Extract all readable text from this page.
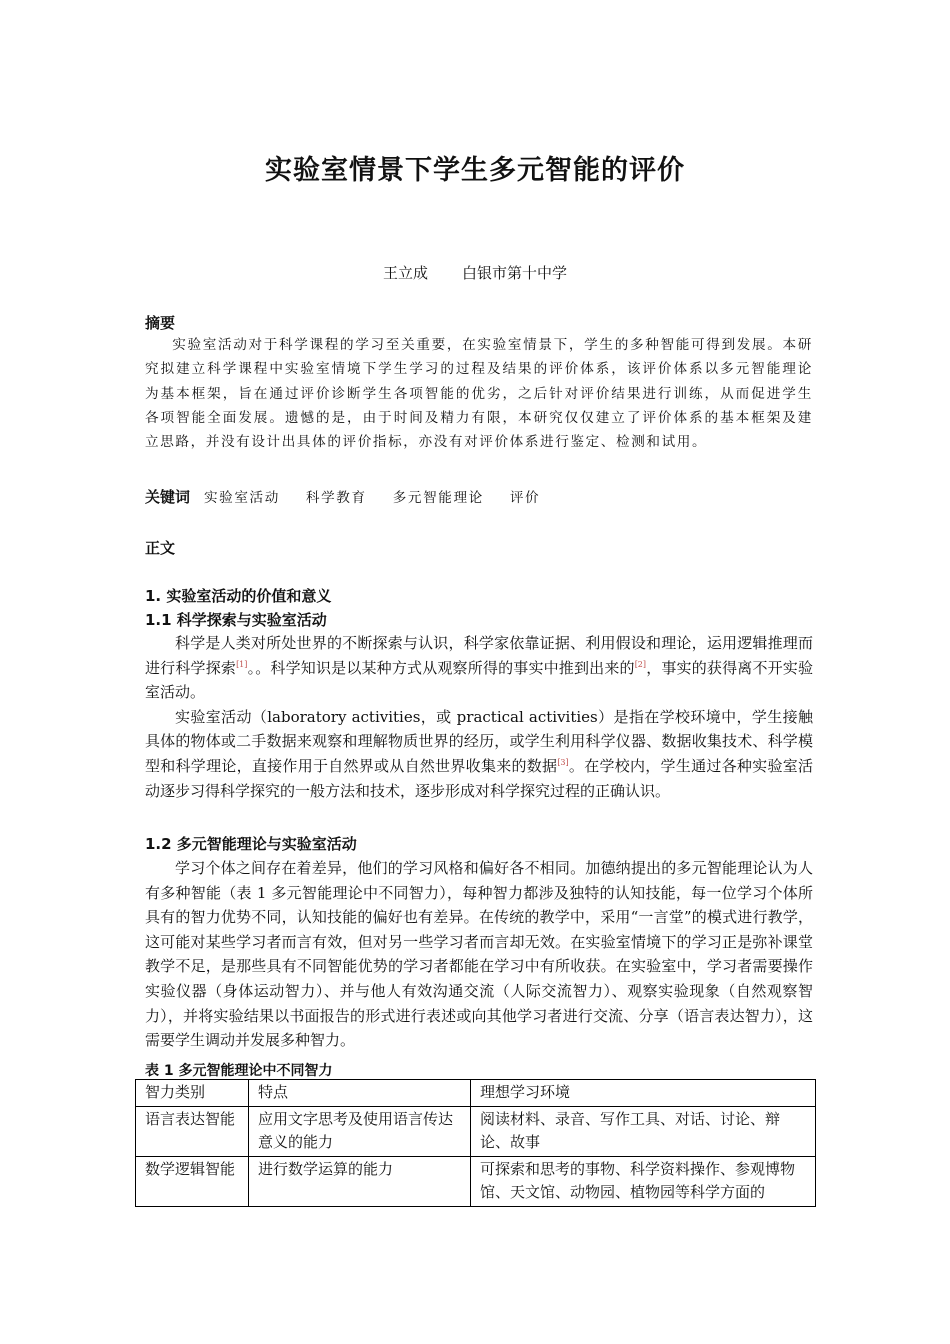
实验室情景下学生多元智能的评价
王立成 白银市第十中学
摘要

实验室活动对于科学课程的学习至关重要，在实验室情景下，学生的多种智能可得到发展。本研究拟建立科学课程中实验室情境下学生学习的过程及结果的评价体系，该评价体系以多元智能理论为基本框架，旨在通过评价诊断学生各项智能的优劣，之后针对评价结果进行训练，从而促进学生各项智能全面发展。遗憾的是，由于时间及精力有限，本研究仅仅建立了评价体系的基本框架及建立思路，并没有设计出具体的评价指标，亦没有对评价体系进行鉴定、检测和试用。

关键词 实验室活动 科学教育 多元智能理论 评价
正文
1. 实验室活动的价值和意义
1.1 科学探索与实验室活动

科学是人类对所处世界的不断探索与认识，科学家依靠证据、利用假设和理论，运用逻辑推理而进行科学探索[1]。。科学知识是以某种方式从观察所得的事实中推到出来的[2]，事实的获得离不开实验室活动。

实验室活动（laboratory activities，或 practical activities）是指在学校环境中，学生接触具体的物体或二手数据来观察和理解物质世界的经历，或学生利用科学仪器、数据收集技术、科学模型和科学理论，直接作用于自然界或从自然世界收集来的数据[3]。在学校内，学生通过各种实验室活动逐步习得科学探究的一般方法和技术，逐步形成对科学探究过程的正确认识。

1.2 多元智能理论与实验室活动

学习个体之间存在着差异，他们的学习风格和偏好各不相同。加德纳提出的多元智能理论认为人有多种智能（表 1 多元智能理论中不同智力），每种智力都涉及独特的认知技能，每一位学习个体所具有的智力优势不同，认知技能的偏好也有差异。在传统的教学中，采用“一言堂”的模式进行教学，这可能对某些学习者而言有效，但对另一些学习者而言却无效。在实验室情境下的学习正是弥补课堂教学不足，是那些具有不同智能优势的学习者都能在学习中有所收获。在实验室中，学习者需要操作实验仪器（身体运动智力）、并与他人有效沟通交流（人际交流智力）、观察实验现象（自然观察智力），并将实验结果以书面报告的形式进行表述或向其他学习者进行交流、分享（语言表达智力），这需要学生调动并发展多种智力。

表 1 多元智能理论中不同智力
智力类别	特点	理想学习环境
语言表达智能	应用文字思考及使用语言传达意义的能力	阅读材料、录音、写作工具、对话、讨论、辩论、故事
数学逻辑智能	进行数学运算的能力	可探索和思考的事物、科学资料操作、参观博物馆、天文馆、动物园、植物园等科学方面的
